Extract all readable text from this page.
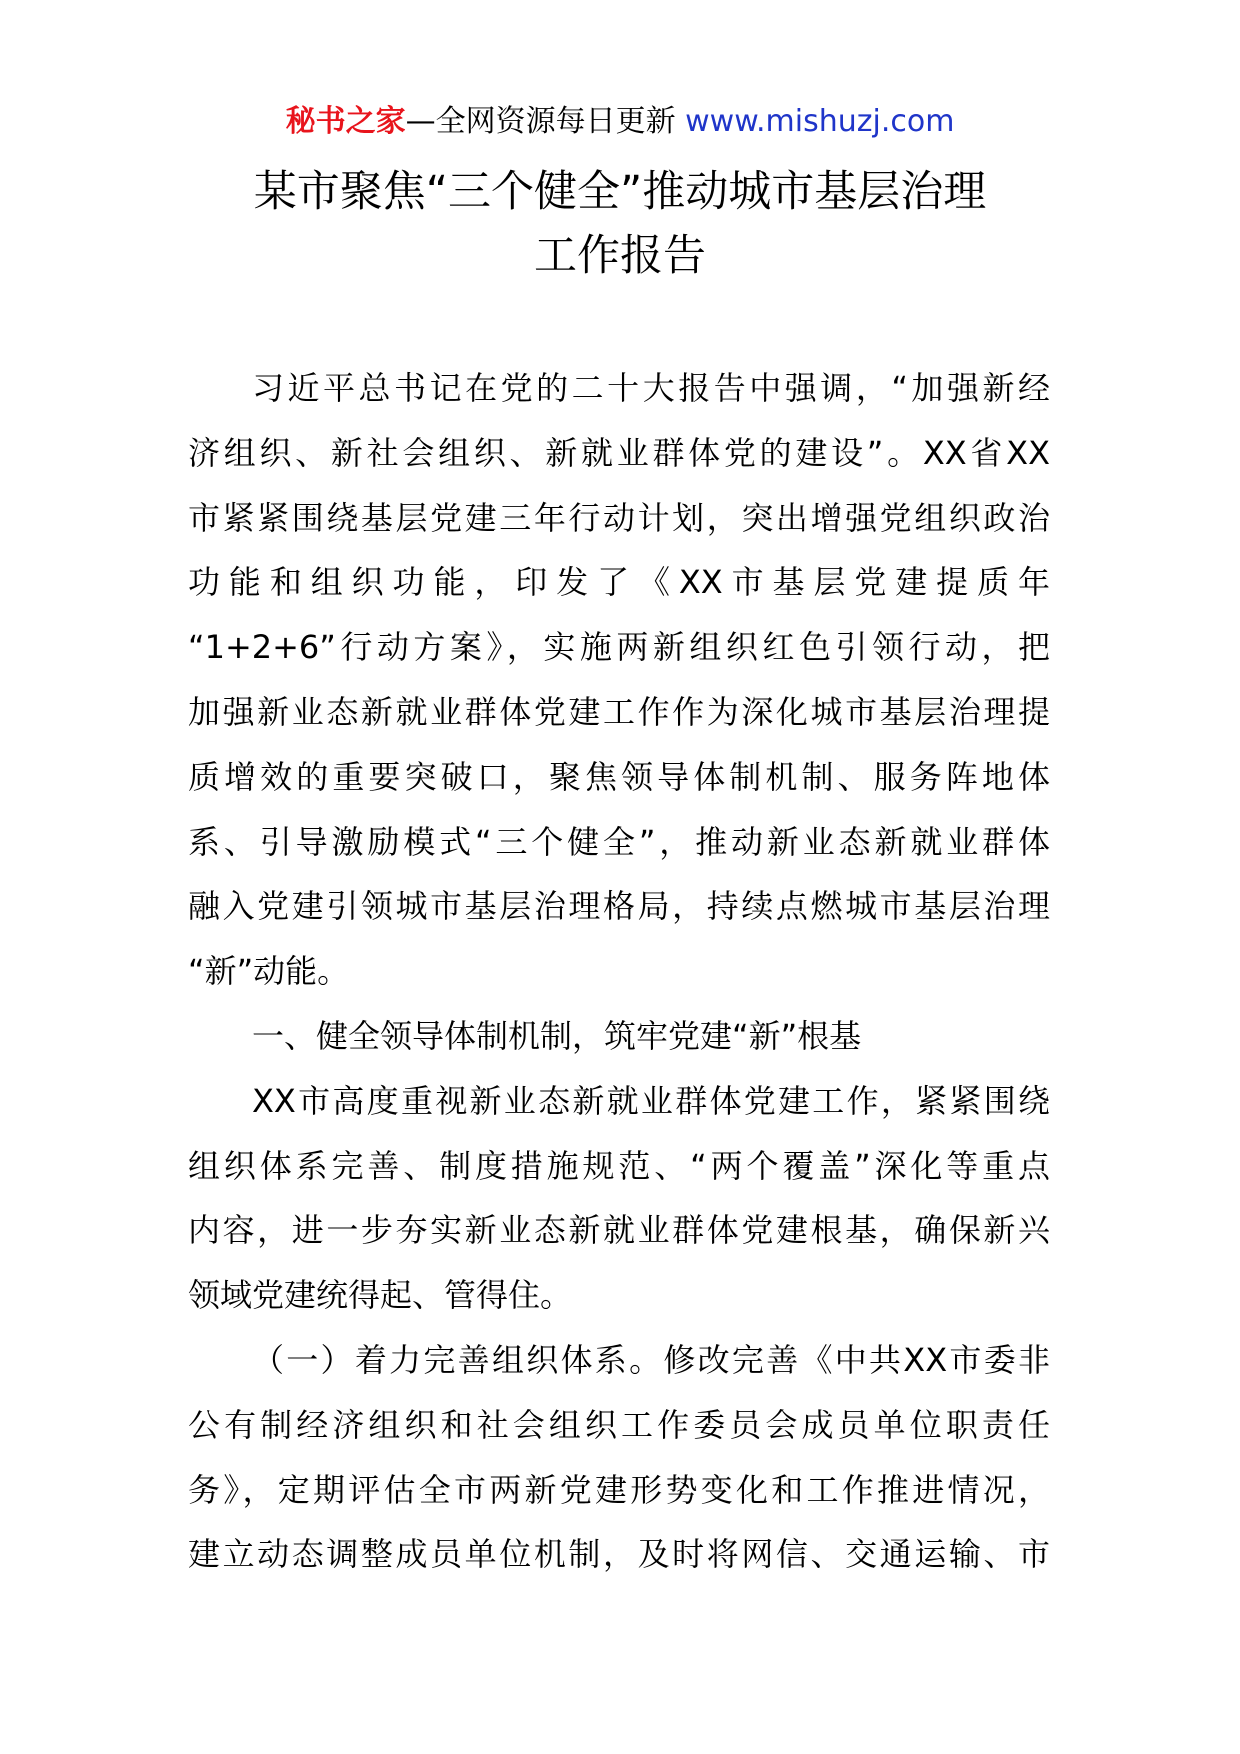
秘书之家—全网资源每日更新 www.mishuzj.com
某市聚焦“三个健全”推动城市基层治理
工作报告

习近平总书记在党的二十大报告中强调，“加强新经
济组织、新社会组织、新就业群体党的建设”。XX省XX
市紧紧围绕基层党建三年行动计划，突出增强党组织政治
功能和组织功能，印发了《XX市基层党建提质年
“1+2+6”行动方案》，实施两新组织红色引领行动，把
加强新业态新就业群体党建工作作为深化城市基层治理提
质增效的重要突破口，聚焦领导体制机制、服务阵地体
系、引导激励模式“三个健全”，推动新业态新就业群体
融入党建引领城市基层治理格局，持续点燃城市基层治理
“新”动能。

一、健全领导体制机制，筑牢党建“新”根基

XX市高度重视新业态新就业群体党建工作，紧紧围绕
组织体系完善、制度措施规范、“两个覆盖”深化等重点
内容，进一步夯实新业态新就业群体党建根基，确保新兴
领域党建统得起、管得住。

（一）着力完善组织体系。修改完善《中共XX市委非
公有制经济组织和社会组织工作委员会成员单位职责任
务》，定期评估全市两新党建形势变化和工作推进情况，
建立动态调整成员单位机制，及时将网信、交通运输、市
